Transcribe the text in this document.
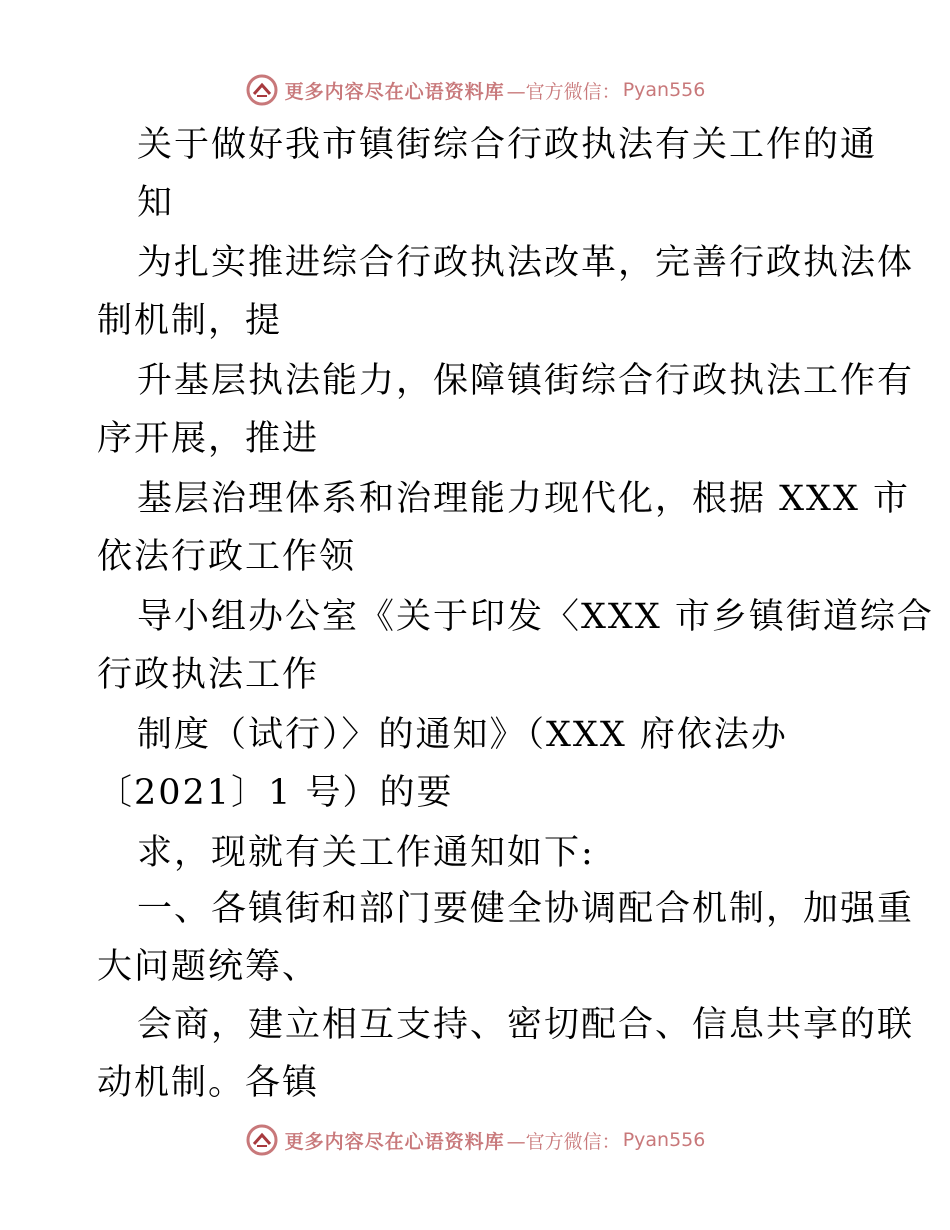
更多内容尽在心语资料库 —官方微信： Pyan556
关于做好我市镇街综合行政执法有关工作的通
知
为扎实推进综合行政执法改革，完善行政执法体
制机制，提
升基层执法能力，保障镇街综合行政执法工作有
序开展，推进
基层治理体系和治理能力现代化，根据 XXX 市
依法行政工作领
导小组办公室《关于印发〈XXX 市乡镇街道综合
行政执法工作
制度（试行）〉的通知》（XXX 府依法办
〔2021〕1 号）的要
求，现就有关工作通知如下:
一、各镇街和部门要健全协调配合机制，加强重
大问题统筹、
会商，建立相互支持、密切配合、信息共享的联
动机制。各镇
更多内容尽在心语资料库 —官方微信： Pyan556
